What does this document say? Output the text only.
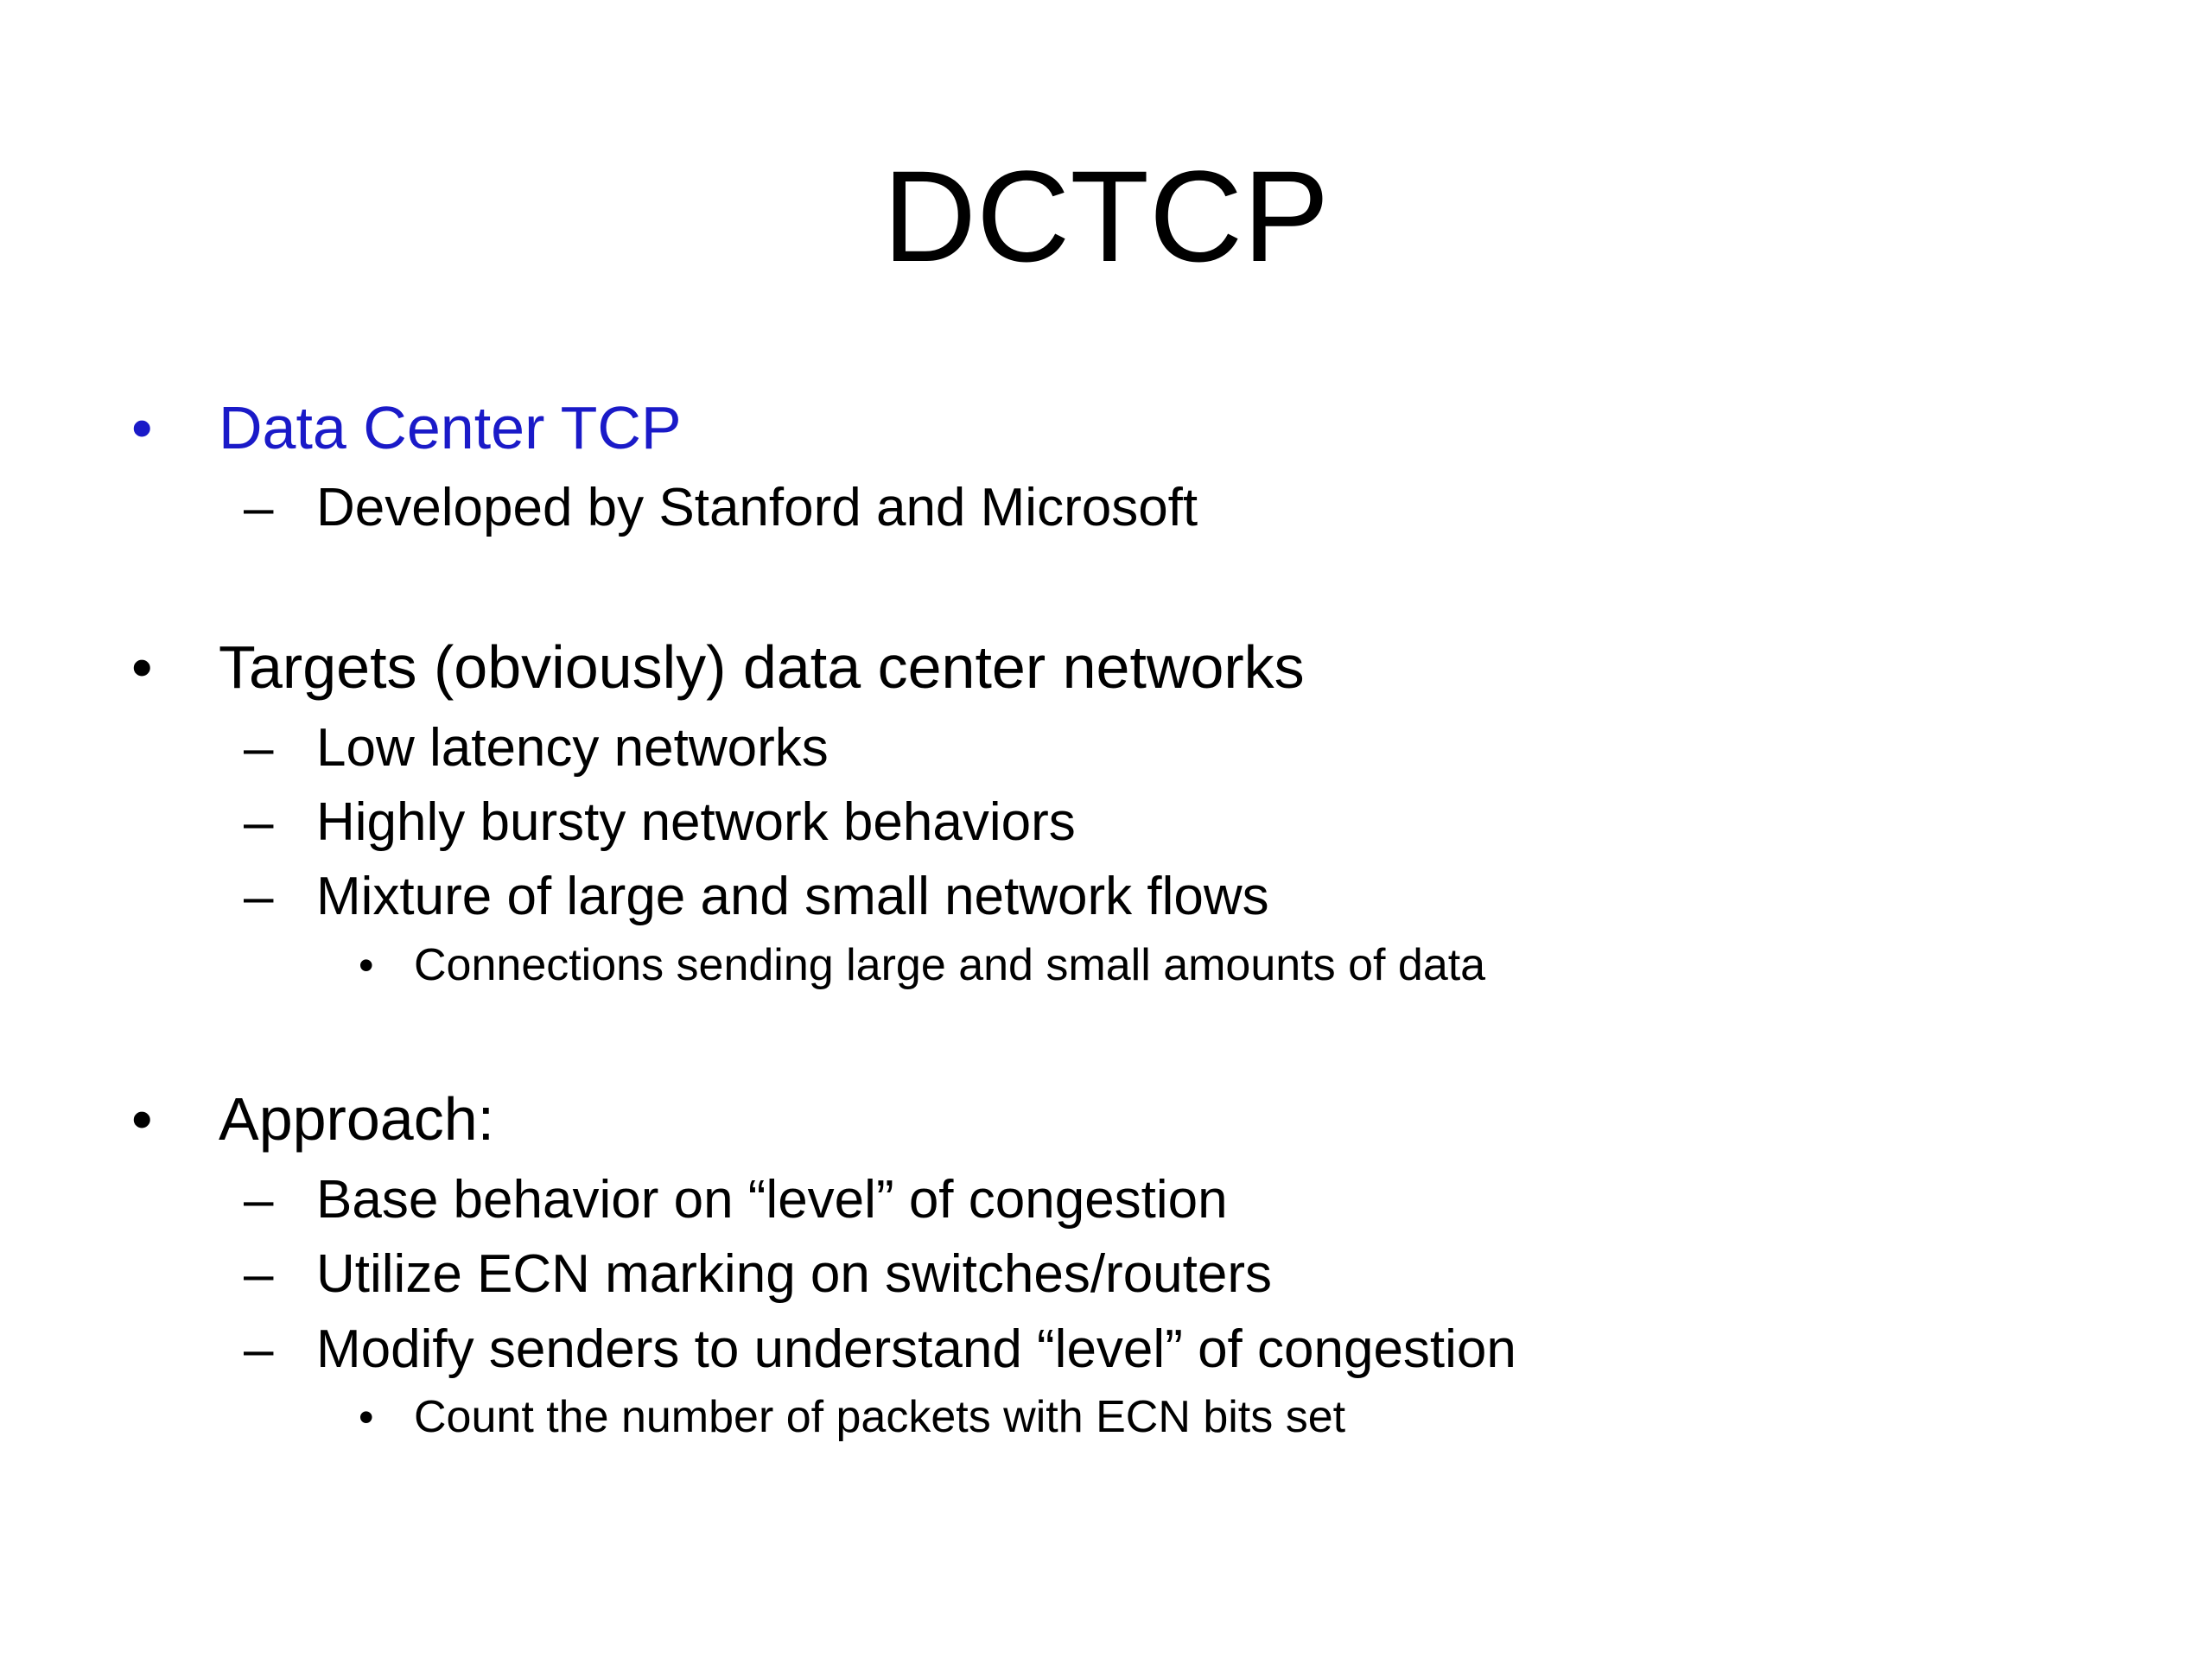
DCTCP
• Data Center TCP
– Developed by Stanford and Microsoft
• Targets (obviously) data center networks
– Low latency networks
– Highly bursty network behaviors
– Mixture of large and small network flows
• Connections sending large and small amounts of data
• Approach:
– Base behavior on “level” of congestion
– Utilize ECN marking on switches/routers
– Modify senders to understand “level” of congestion
• Count the number of packets with ECN bits set
